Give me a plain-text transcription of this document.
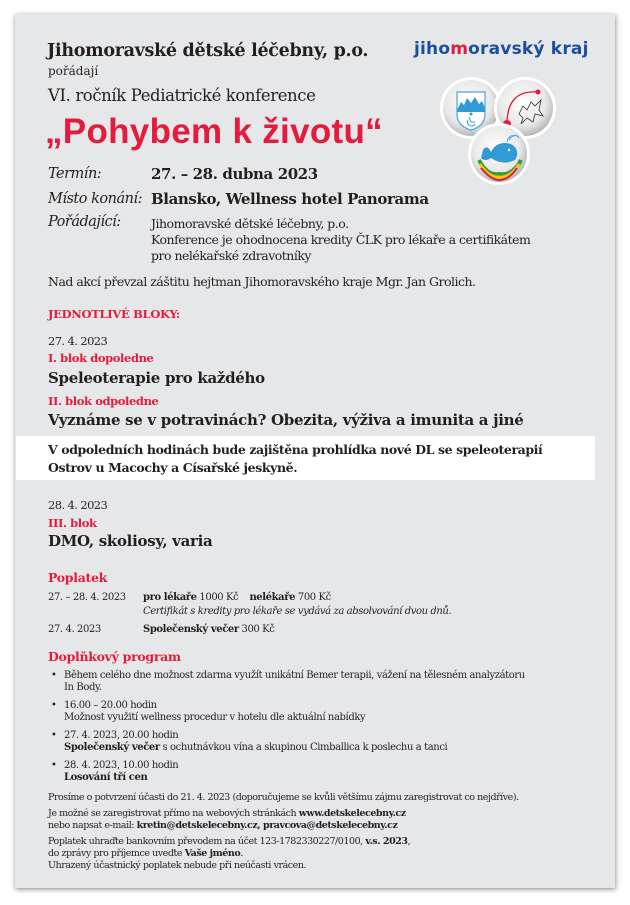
Jihomoravské dětské léčebny, p.o.
pořádají
VI. ročník Pediatrické konference
„Pohybem k životu“
jihomoravský kraj
Termín:	27. – 28. dubna 2023
Místo konání: Blansko, Wellness hotel Panorama
Pořádající: Jihomoravské dětské léčebny, p.o.
Konference je ohodnocena kredity ČLK pro lékaře a certifikátem
pro nelékařské zdravotníky
Nad akcí převzal záštitu hejtman Jihomoravského kraje Mgr. Jan Grolich.
JEDNOTLIVÉ BLOKY:
27. 4. 2023
I. blok dopoledne
Speleoterapie pro každého
II. blok odpoledne
Vyznáme se v potravinách? Obezita, výživa a imunita a jiné
V odpoledních hodinách bude zajištěna prohlídka nové DL se speleoterapií
Ostrov u Macochy a Císařské jeskyně.
28. 4. 2023
III. blok
DMO, skoliosy, varia
Poplatek
27. – 28. 4. 2023 pro lékaře 1000 Kč nelékaře 700 Kč
Certifikát s kredity pro lékaře se vydává za absolvování dvou dnů.
27. 4. 2023	Společenský večer 300 Kč
Doplňkový program
• Během celého dne možnost zdarma využít unikátní Bemer terapii, vážení na tělesném analyzátoru
In Body.
• 16.00 – 20.00 hodin
Možnost využití wellness procedur v hotelu dle aktuální nabídky
• 27. 4. 2023, 20.00 hodin
Společenský večer s ochutnávkou vína a skupinou Cimballica k poslechu a tanci
• 28. 4. 2023, 10.00 hodin
Losování tří cen
Prosíme o potvrzení účasti do 21. 4. 2023 (doporučujeme se kvůli většímu zájmu zaregistrovat co nejdříve).
Je možné se zaregistrovat přímo na webových stránkách www.detskelecebny.cz
nebo napsat e-mail: kretin@detskelecebny.cz, pravcova@detskelecebny.cz
Poplatek uhraďte bankovním převodem na účet 123-1782330227/0100, v.s. 2023,
do zprávy pro příjemce uveďte Vaše jméno.
Uhrazený účastnický poplatek nebude při neúčasti vrácen.
